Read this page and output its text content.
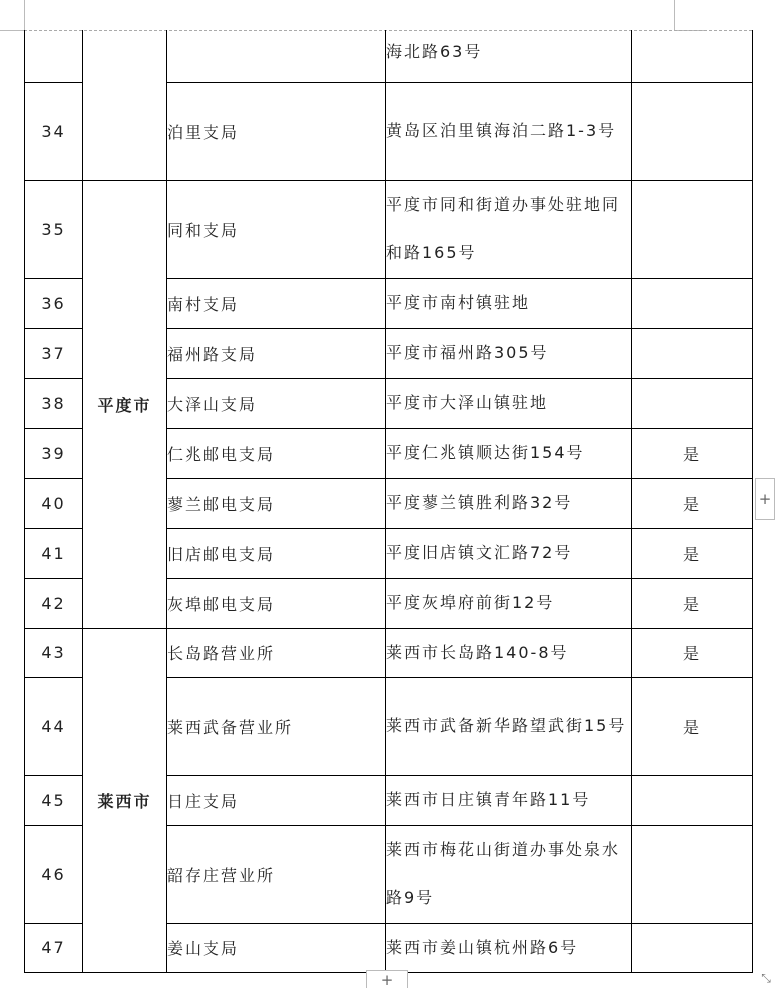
			海北路63号	
34		泊里支局	黄岛区泊里镇海泊二路1-3号	
35	平度市	同和支局	平度市同和街道办事处驻地同和路165号	
36		南村支局	平度市南村镇驻地	
37		福州路支局	平度市福州路305号	
38		大泽山支局	平度市大泽山镇驻地	
39		仁兆邮电支局	平度仁兆镇顺达街154号	是
40		蓼兰邮电支局	平度蓼兰镇胜利路32号	是
41		旧店邮电支局	平度旧店镇文汇路72号	是
42		灰埠邮电支局	平度灰埠府前街12号	是
43	莱西市	长岛路营业所	莱西市长岛路140-8号	是
44		莱西武备营业所	莱西市武备新华路望武街15号	是
45		日庄支局	莱西市日庄镇青年路11号	
46		韶存庄营业所	莱西市梅花山街道办事处泉水路9号	
47		姜山支局	莱西市姜山镇杭州路6号	
+
+	⤡
